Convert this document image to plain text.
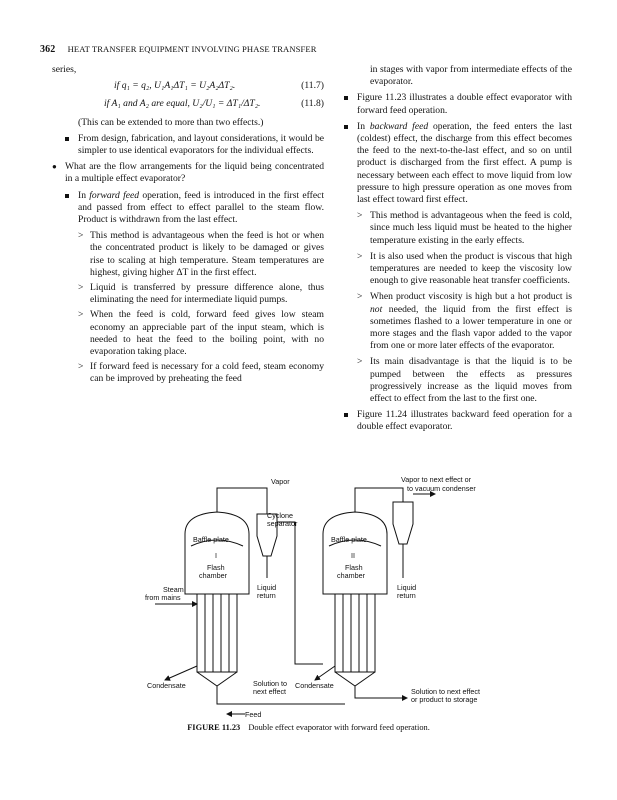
362 HEAT TRANSFER EQUIPMENT INVOLVING PHASE TRANSFER
series,
if q₁ = q₂, U₁A₁ΔT₁ = U₂A₂ΔT₂.	(11.7)
if A₁ and A₂ are equal, U₂/U₁ = ΔT₁/ΔT₂.	(11.8)
(This can be extended to more than two effects.)
From design, fabrication, and layout considerations, it would be simpler to use identical evaporators for the individual effects.
● What are the flow arrangements for the liquid being concentrated in a multiple effect evaporator?
In forward feed operation, feed is introduced in the first effect and passed from effect to effect parallel to the steam flow. Product is withdrawn from the last effect.
> This method is advantageous when the feed is hot or when the concentrated product is likely to be damaged or gives rise to scaling at high temperature. Steam temperatures are highest, giving higher ΔT in the first effect.
> Liquid is transferred by pressure difference alone, thus eliminating the need for intermediate liquid pumps.
> When the feed is cold, forward feed gives low steam economy an appreciable part of the input steam, which is needed to heat the feed to the boiling point, with no evaporation taking place.
> If forward feed is necessary for a cold feed, steam economy can be improved by preheating the feed
in stages with vapor from intermediate effects of the evaporator.
Figure 11.23 illustrates a double effect evaporator with forward feed operation.
In backward feed operation, the feed enters the last (coldest) effect, the discharge from this effect becomes the feed to the next-to-the-last effect, and so on until product is discharged from the first effect. A pump is necessary between each effect to move liquid from low pressure to high pressure operation as one moves from last effect toward first effect.
> This method is advantageous when the feed is cold, since much less liquid must be heated to the higher temperature existing in the early effects.
> It is also used when the product is viscous that high temperatures are needed to keep the viscosity low enough to give reasonable heat transfer coefficients.
> When product viscosity is high but a hot product is not needed, the liquid from the first effect is sometimes flashed to a lower temperature in one or more stages and the flash vapor added to the vapor from one or more later effects of the evaporator.
> Its main disadvantage is that the liquid is to be pumped between the effects as pressures progressively increase as the liquid moves from effect to effect from the last to the first one.
Figure 11.24 illustrates backward feed operation for a double effect evaporator.
Vapor	Vapor to next effect or
to vacuum condenser
Cyclone
separator
Baffle plate
I
Flash
chamber
Baffle plate
II
Flash
chamber
Steam
from mains
Liquid
return
Liquid
return
Condensate	Condensate
Solution to
next effect
Feed
Solution to next effect
or product to storage
FIGURE 11.23 Double effect evaporator with forward feed operation.
